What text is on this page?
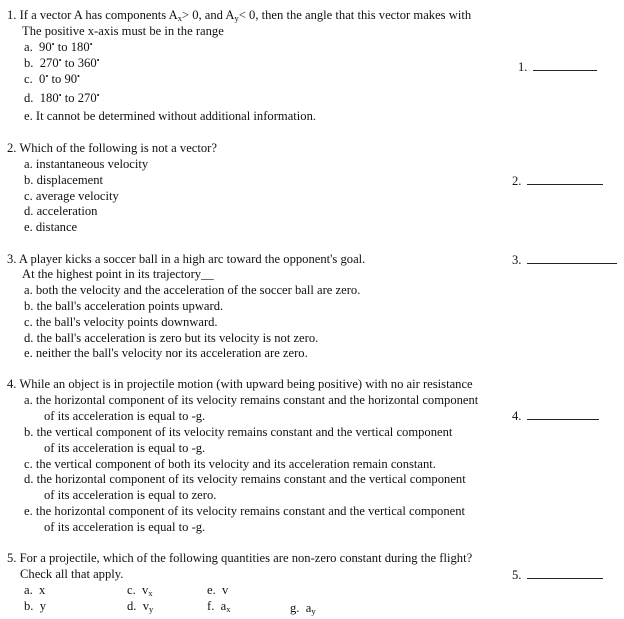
1. If a vector A has components $A_x> 0$, and $A_y< 0$, then the angle that this vector makes with
The positive x-axis must be in the range
a. 90• to 180•
b. 270• to 360•
c. 0• to 90•
d. 180• to 270•
e. It cannot be determined without additional information.
1.
2. Which of the following is not a vector?
a. instantaneous velocity
b. displacement
c. average velocity
d. acceleration
e. distance
2.
3. A player kicks a soccer ball in a high arc toward the opponent's goal.
At the highest point in its trajectory__
a. both the velocity and the acceleration of the soccer ball are zero.
b. the ball's acceleration points upward.
c. the ball's velocity points downward.
d. the ball's acceleration is zero but its velocity is not zero.
e. neither the ball's velocity nor its acceleration are zero.
3.
4. While an object is in projectile motion (with upward being positive) with no air resistance
a. the horizontal component of its velocity remains constant and the horizontal component
of its acceleration is equal to -g.
b. the vertical component of its velocity remains constant and the vertical component
of its acceleration is equal to -g.
c. the vertical component of both its velocity and its acceleration remain constant.
d. the horizontal component of its velocity remains constant and the vertical component
of its acceleration is equal to zero.
e. the horizontal component of its velocity remains constant and the vertical component
of its acceleration is equal to -g.
4.
5. For a projectile, which of the following quantities are non-zero constant during the flight?
Check all that apply.	5.
a. x
b. y
c. $v_x$
d. $v_y$
e. v
f. $a_x$	g. $a_y$
